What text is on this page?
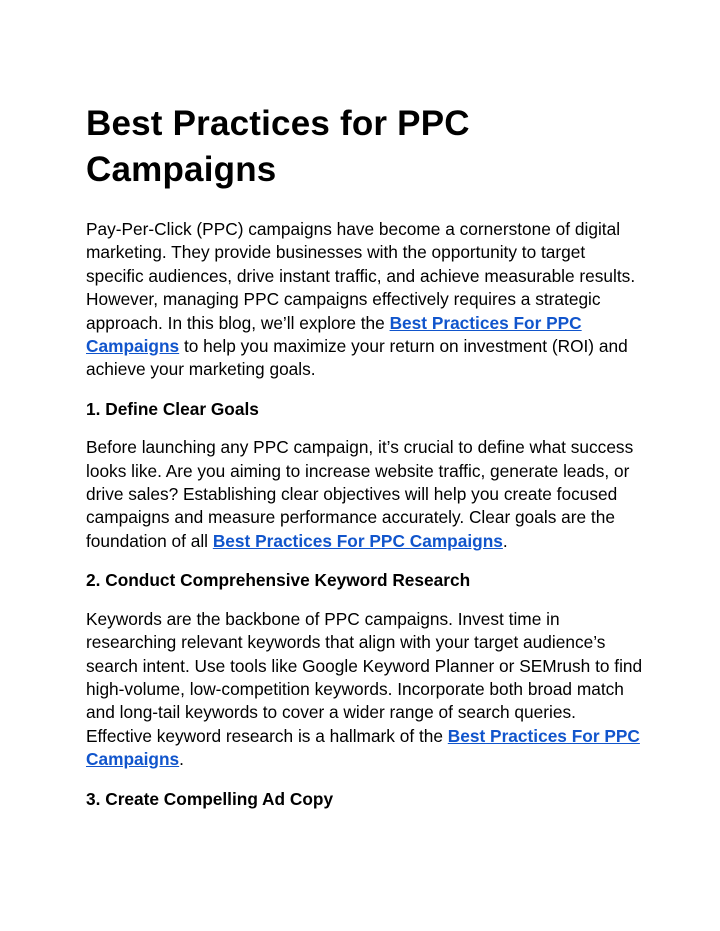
Best Practices for PPC Campaigns

Pay-Per-Click (PPC) campaigns have become a cornerstone of digital marketing. They provide businesses with the opportunity to target specific audiences, drive instant traffic, and achieve measurable results. However, managing PPC campaigns effectively requires a strategic approach. In this blog, we’ll explore the Best Practices For PPC Campaigns to help you maximize your return on investment (ROI) and achieve your marketing goals.

1. Define Clear Goals

Before launching any PPC campaign, it’s crucial to define what success looks like. Are you aiming to increase website traffic, generate leads, or drive sales? Establishing clear objectives will help you create focused campaigns and measure performance accurately. Clear goals are the foundation of all Best Practices For PPC Campaigns.

2. Conduct Comprehensive Keyword Research

Keywords are the backbone of PPC campaigns. Invest time in researching relevant keywords that align with your target audience’s search intent. Use tools like Google Keyword Planner or SEMrush to find high-volume, low-competition keywords. Incorporate both broad match and long-tail keywords to cover a wider range of search queries. Effective keyword research is a hallmark of the Best Practices For PPC Campaigns.

3. Create Compelling Ad Copy
